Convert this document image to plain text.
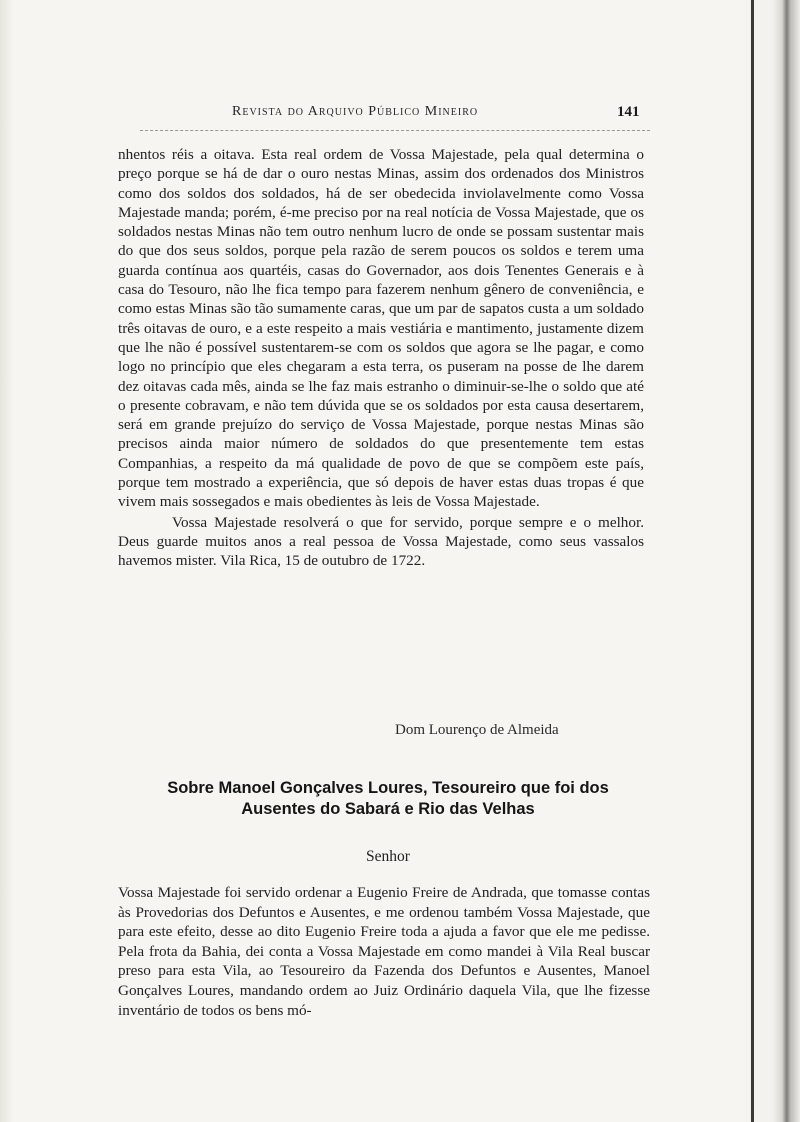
Revista do Arquivo Público Mineiro	141

nhentos réis a oitava. Esta real ordem de Vossa Majestade, pela qual determina o preço porque se há de dar o ouro nestas Minas, assim dos ordenados dos Ministros como dos soldos dos soldados, há de ser obedecida inviolavelmente como Vossa Majestade manda; porém, é-me preciso por na real notícia de Vossa Majestade, que os soldados nestas Minas não tem outro nenhum lucro de onde se possam sustentar mais do que dos seus soldos, porque pela razão de serem poucos os soldos e terem uma guarda contínua aos quartéis, casas do Governador, aos dois Tenentes Generais e à casa do Tesouro, não lhe fica tempo para fazerem nenhum gênero de conveniência, e como estas Minas são tão sumamente caras, que um par de sapatos custa a um soldado três oitavas de ouro, e a este respeito a mais vestiária e mantimento, justamente dizem que lhe não é possível sustentarem-se com os soldos que agora se lhe pagar, e como logo no princípio que eles chegaram a esta terra, os puseram na posse de lhe darem dez oitavas cada mês, ainda se lhe faz mais estranho o diminuir-se-lhe o soldo que até o presente cobravam, e não tem dúvida que se os soldados por esta causa desertarem, será em grande prejuízo do serviço de Vossa Majestade, porque nestas Minas são precisos ainda maior número de soldados do que presentemente tem estas Companhias, a respeito da má qualidade de povo de que se compõem este país, porque tem mostrado a experiência, que só depois de haver estas duas tropas é que vivem mais sossegados e mais obedientes às leis de Vossa Majestade.

Vossa Majestade resolverá o que for servido, porque sempre e o melhor. Deus guarde muitos anos a real pessoa de Vossa Majestade, como seus vassalos havemos mister. Vila Rica, 15 de outubro de 1722.

Dom Lourenço de Almeida
Sobre Manoel Gonçalves Loures, Tesoureiro que foi dos
Ausentes do Sabará e Rio das Velhas
Senhor

Vossa Majestade foi servido ordenar a Eugenio Freire de Andrada, que tomasse contas às Provedorias dos Defuntos e Ausentes, e me ordenou também Vossa Majestade, que para este efeito, desse ao dito Eugenio Freire toda a ajuda a favor que ele me pedisse. Pela frota da Bahia, dei conta a Vossa Majestade em como mandei à Vila Real buscar preso para esta Vila, ao Tesoureiro da Fazenda dos Defuntos e Ausentes, Manoel Gonçalves Loures, mandando ordem ao Juiz Ordinário daquela Vila, que lhe fizesse inventário de todos os bens mó-
